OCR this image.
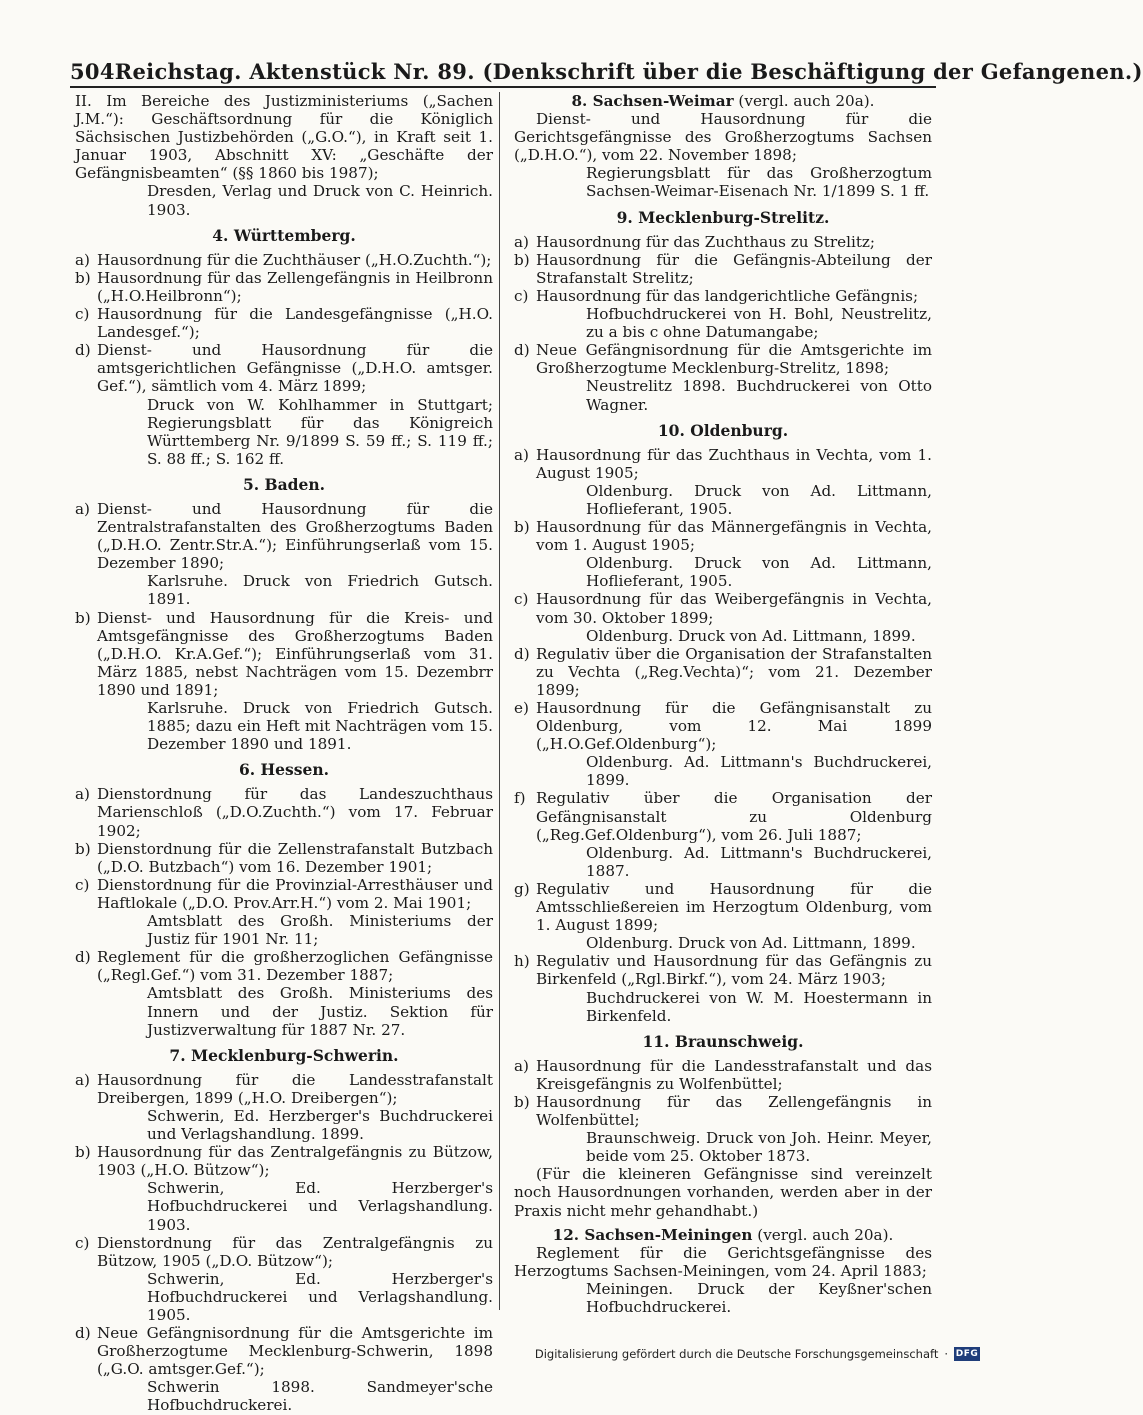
504 Reichstag. Aktenstück Nr. 89. (Denkschrift über die Beschäftigung der Gefangenen.)
II. Im Bereiche des Justizministeriums („Sachen J.M.“): Geschäftsordnung für die Königlich Sächsischen Justizbehörden („G.O.“), in Kraft seit 1. Januar 1903, Abschnitt XV: „Geschäfte der Gefängnisbeamten“ (§§ 1860 bis 1987);
Dresden, Verlag und Druck von C. Heinrich. 1903.
4. Württemberg.
a) Hausordnung für die Zuchthäuser („H.O.Zuchth.“);
b) Hausordnung für das Zellengefängnis in Heilbronn („H.O.Heilbronn“);
c) Hausordnung für die Landesgefängnisse („H.O. Landesgef.“);
d) Dienst- und Hausordnung für die amtsgerichtlichen Gefängnisse („D.H.O. amtsger. Gef.“), sämtlich vom 4. März 1899;
Druck von W. Kohlhammer in Stuttgart; Regierungsblatt für das Königreich Württemberg Nr. 9/1899 S. 59 ff.; S. 119 ff.; S. 88 ff.; S. 162 ff.
5. Baden.
a) Dienst- und Hausordnung für die Zentralstrafanstalten des Großherzogtums Baden („D.H.O. Zentr.Str.A.“); Einführungserlaß vom 15. Dezember 1890;
Karlsruhe. Druck von Friedrich Gutsch. 1891.
b) Dienst- und Hausordnung für die Kreis- und Amtsgefängnisse des Großherzogtums Baden („D.H.O. Kr.A.Gef.“); Einführungserlaß vom 31. März 1885, nebst Nachträgen vom 15. Dezembrr 1890 und 1891;
Karlsruhe. Druck von Friedrich Gutsch. 1885; dazu ein Heft mit Nachträgen vom 15. Dezember 1890 und 1891.
6. Hessen.
a) Dienstordnung für das Landeszuchthaus Marienschloß („D.O.Zuchth.“) vom 17. Februar 1902;
b) Dienstordnung für die Zellenstrafanstalt Butzbach („D.O. Butzbach“) vom 16. Dezember 1901;
c) Dienstordnung für die Provinzial-Arresthäuser und Haftlokale („D.O. Prov.Arr.H.“) vom 2. Mai 1901;
Amtsblatt des Großh. Ministeriums der Justiz für 1901 Nr. 11;
d) Reglement für die großherzoglichen Gefängnisse („Regl.Gef.“) vom 31. Dezember 1887;
Amtsblatt des Großh. Ministeriums des Innern und der Justiz. Sektion für Justizverwaltung für 1887 Nr. 27.
7. Mecklenburg-Schwerin.
a) Hausordnung für die Landesstrafanstalt Dreibergen, 1899 („H.O. Dreibergen“);
Schwerin, Ed. Herzberger's Buchdruckerei und Verlagshandlung. 1899.
b) Hausordnung für das Zentralgefängnis zu Bützow, 1903 („H.O. Bützow“);
Schwerin, Ed. Herzberger's Hofbuchdruckerei und Verlagshandlung. 1903.
c) Dienstordnung für das Zentralgefängnis zu Bützow, 1905 („D.O. Bützow“);
Schwerin, Ed. Herzberger's Hofbuchdruckerei und Verlagshandlung. 1905.
d) Neue Gefängnisordnung für die Amtsgerichte im Großherzogtume Mecklenburg-Schwerin, 1898 („G.O. amtsger.Gef.“);
Schwerin 1898. Sandmeyer'sche Hofbuchdruckerei.
8. Sachsen-Weimar (vergl. auch 20a).
Dienst- und Hausordnung für die Gerichtsgefängnisse des Großherzogtums Sachsen („D.H.O.“), vom 22. November 1898;
Regierungsblatt für das Großherzogtum Sachsen-Weimar-Eisenach Nr. 1/1899 S. 1 ff.
9. Mecklenburg-Strelitz.
a) Hausordnung für das Zuchthaus zu Strelitz;
b) Hausordnung für die Gefängnis-Abteilung der Strafanstalt Strelitz;
c) Hausordnung für das landgerichtliche Gefängnis;
Hofbuchdruckerei von H. Bohl, Neustrelitz, zu a bis c ohne Datumangabe;
d) Neue Gefängnisordnung für die Amtsgerichte im Großherzogtume Mecklenburg-Strelitz, 1898;
Neustrelitz 1898. Buchdruckerei von Otto Wagner.
10. Oldenburg.
a) Hausordnung für das Zuchthaus in Vechta, vom 1. August 1905;
Oldenburg. Druck von Ad. Littmann, Hoflieferant, 1905.
b) Hausordnung für das Männergefängnis in Vechta, vom 1. August 1905;
Oldenburg. Druck von Ad. Littmann, Hoflieferant, 1905.
c) Hausordnung für das Weibergefängnis in Vechta, vom 30. Oktober 1899;
Oldenburg. Druck von Ad. Littmann, 1899.
d) Regulativ über die Organisation der Strafanstalten zu Vechta („Reg.Vechta)“; vom 21. Dezember 1899;
e) Hausordnung für die Gefängnisanstalt zu Oldenburg, vom 12. Mai 1899 („H.O.Gef.Oldenburg“);
Oldenburg. Ad. Littmann's Buchdruckerei, 1899.
f) Regulativ über die Organisation der Gefängnisanstalt zu Oldenburg („Reg.Gef.Oldenburg“), vom 26. Juli 1887;
Oldenburg. Ad. Littmann's Buchdruckerei, 1887.
g) Regulativ und Hausordnung für die Amtsschließereien im Herzogtum Oldenburg, vom 1. August 1899;
Oldenburg. Druck von Ad. Littmann, 1899.
h) Regulativ und Hausordnung für das Gefängnis zu Birkenfeld („Rgl.Birkf.“), vom 24. März 1903;
Buchdruckerei von W. M. Hoestermann in Birkenfeld.
11. Braunschweig.
a) Hausordnung für die Landesstrafanstalt und das Kreisgefängnis zu Wolfenbüttel;
b) Hausordnung für das Zellengefängnis in Wolfenbüttel;
Braunschweig. Druck von Joh. Heinr. Meyer, beide vom 25. Oktober 1873.
(Für die kleineren Gefängnisse sind vereinzelt noch Hausordnungen vorhanden, werden aber in der Praxis nicht mehr gehandhabt.)
12. Sachsen-Meiningen (vergl. auch 20a).
Reglement für die Gerichtsgefängnisse des Herzogtums Sachsen-Meiningen, vom 24. April 1883;
Meiningen. Druck der Keyßner'schen Hofbuchdruckerei.
Digitalisierung gefördert durch die Deutsche Forschungsgemeinschaft · DFG
